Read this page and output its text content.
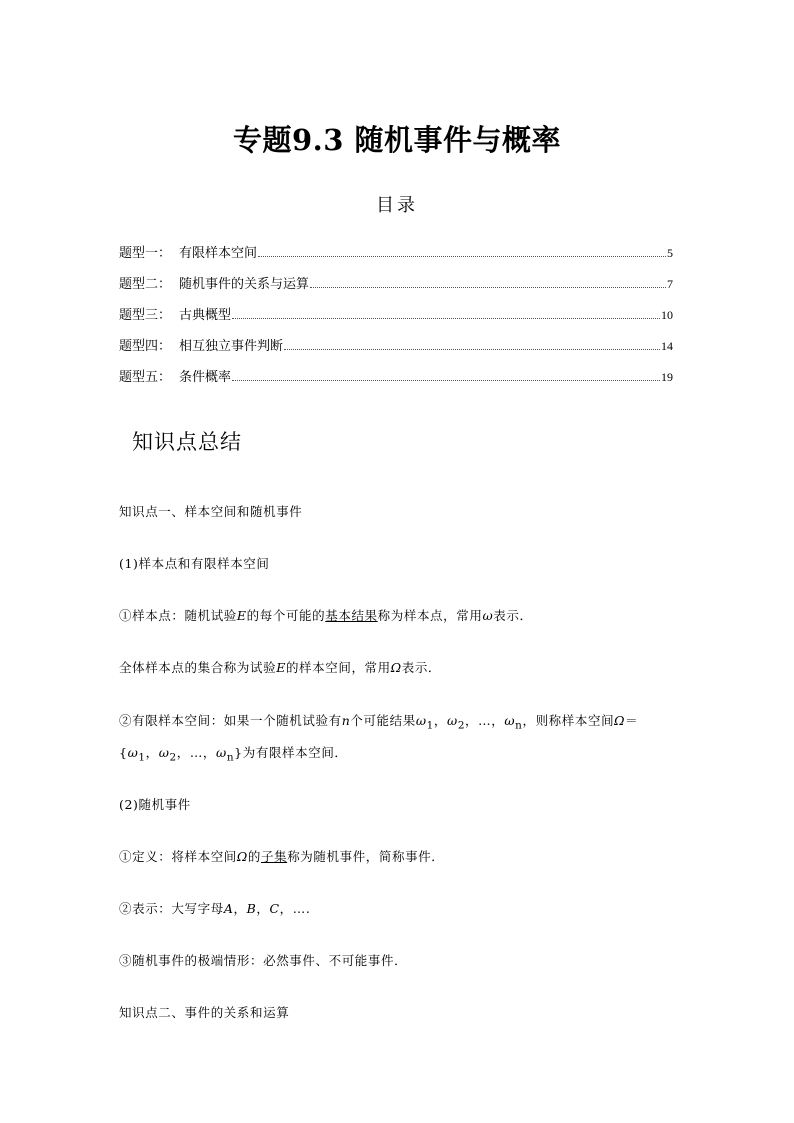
专题9.3 随机事件与概率
目录
题型一： 有限样本空间	5
题型二： 随机事件的关系与运算	7
题型三： 古典概型	10
题型四： 相互独立事件判断	14
题型五： 条件概率	19
知识点总结
知识点一、样本空间和随机事件
(1)样本点和有限样本空间
①样本点：随机试验E的每个可能的基本结果称为样本点，常用ω表示．
全体样本点的集合称为试验E的样本空间，常用Ω表示．
②有限样本空间：如果一个随机试验有n个可能结果$\omega_1$，$\omega_2$，…，$\omega_n$，则称样本空间Ω＝
{$\omega_1$，$\omega_2$，…，$\omega_n$}为有限样本空间．
(2)随机事件
①定义：将样本空间Ω的子集称为随机事件，简称事件．
②表示：大写字母A，B，C，….
③随机事件的极端情形：必然事件、不可能事件．
知识点二、事件的关系和运算
